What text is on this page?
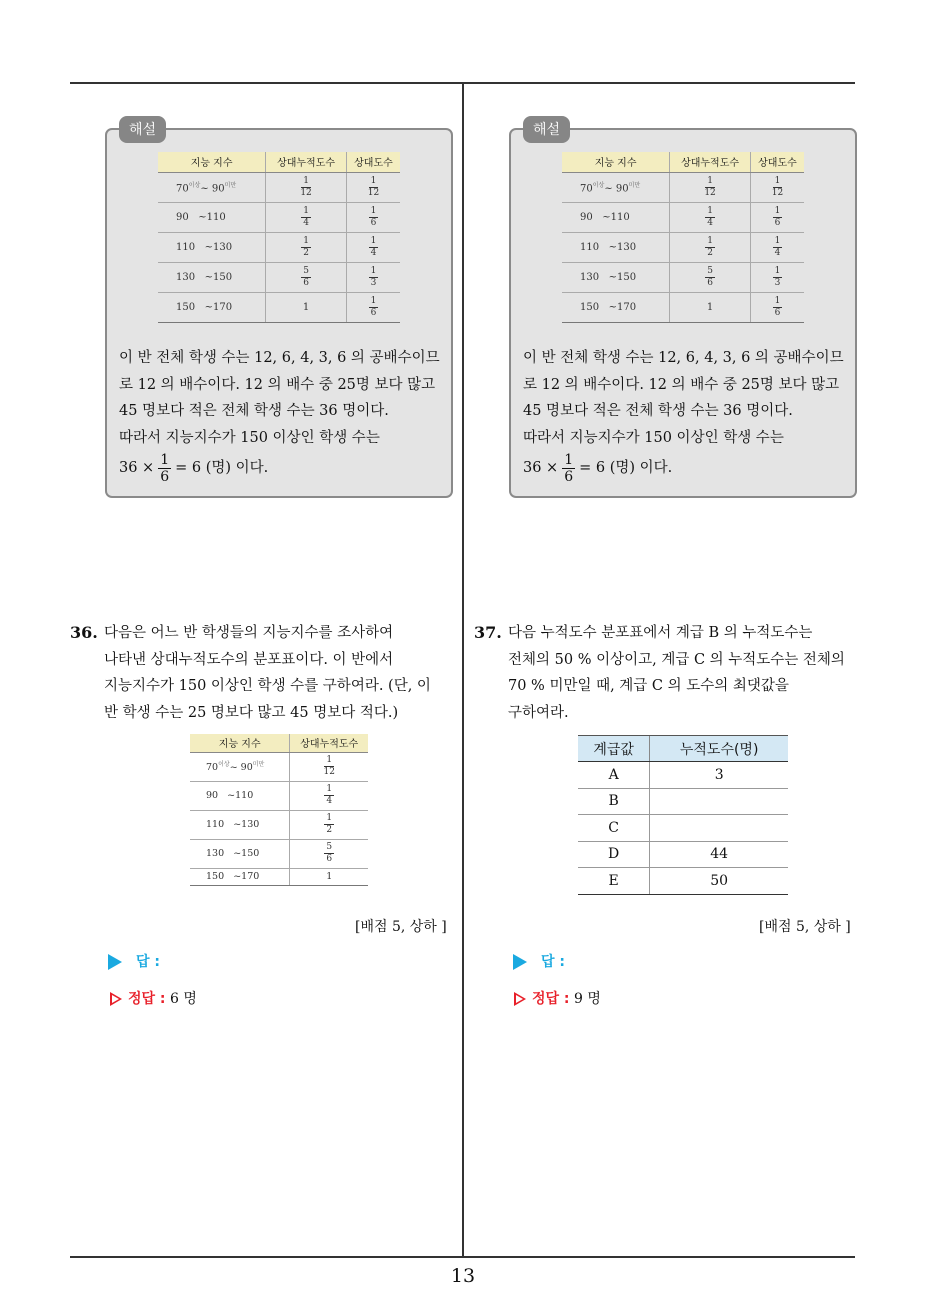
해설
지능 지수	상대누적도수	상대도수
$70^{이상}\sim$ $90^{미만}$	$\frac{1}{12}$	$\frac{1}{12}$

90 ~110	$\frac{1}{4}$	$\frac{1}{6}$

110 ~130	$\frac{1}{2}$	$\frac{1}{4}$

130 ~150	$\frac{5}{6}$	$\frac{1}{3}$

150 ~170	1	$\frac{1}{6}$

이 반 전체 학생 수는 12, 6, 4, 3, 6 의 공배수이므

로 12 의 배수이다. 12 의 배수 중 25명 보다 많고

45 명보다 적은 전체 학생 수는 36 명이다.

따라서 지능지수가 150 이상인 학생 수는

$36 \times \frac{1}{6} = 6$ (명) 이다.
해설
지능 지수	상대누적도수	상대도수
$70^{이상}\sim$ $90^{미만}$	$\frac{1}{12}$	$\frac{1}{12}$

90 ~110	$\frac{1}{4}$	$\frac{1}{6}$

110 ~130	$\frac{1}{2}$	$\frac{1}{4}$

130 ~150	$\frac{5}{6}$	$\frac{1}{3}$

150 ~170	1	$\frac{1}{6}$

이 반 전체 학생 수는 12, 6, 4, 3, 6 의 공배수이므

로 12 의 배수이다. 12 의 배수 중 25명 보다 많고

45 명보다 적은 전체 학생 수는 36 명이다.

따라서 지능지수가 150 이상인 학생 수는

$36 \times \frac{1}{6} = 6$ (명) 이다.
36. 다음은 어느 반 학생들의 지능지수를 조사하여
나타낸 상대누적도수의 분포표이다. 이 반에서
지능지수가 150 이상인 학생 수를 구하여라. (단, 이
반 학생 수는 25 명보다 많고 45 명보다 적다.)
지능 지수	상대누적도수
$70^{이상}\sim$ $90^{미만}$	$\frac{1}{12}$

90 ~110	$\frac{1}{4}$

110 ~130	$\frac{1}{2}$

130 ~150	$\frac{5}{6}$

150 ~170	1
[배점 5, 상하 ]
답 :
정답 : 6 명
37. 다음 누적도수 분포표에서 계급 B 의 누적도수는
전체의 50 % 이상이고, 계급 C 의 누적도수는 전체의
70 % 미만일 때, 계급 C 의 도수의 최댓값을
구하여라.
계급값	누적도수(명)
A	3
B	
C	
D	44
E	50
[배점 5, 상하 ]
답 :
정답 : 9 명
13
